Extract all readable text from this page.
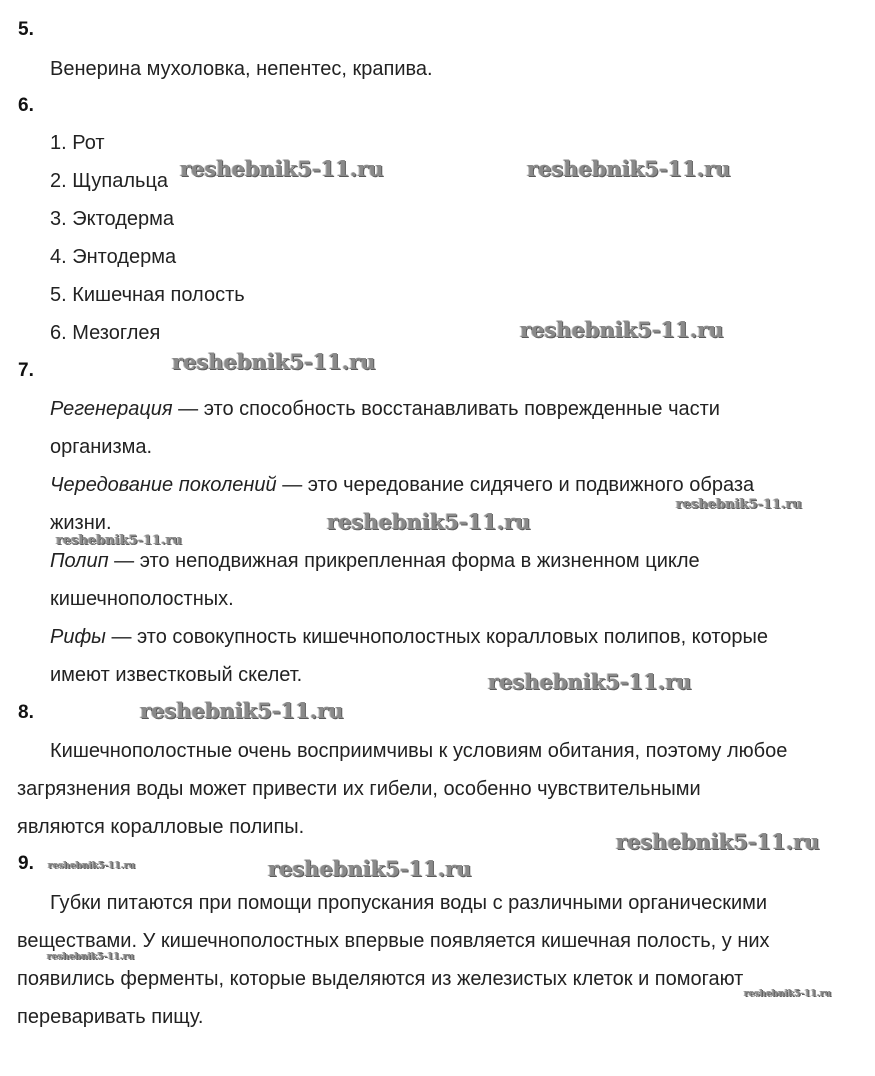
5.
Венерина мухоловка, непентес, крапива.
6.
1. Рот
2. Щупальца
3. Эктодерма
4. Энтодерма
5. Кишечная полость
6. Мезоглея
7.
Регенерация — это способность восстанавливать поврежденные части
организма.
Чередование поколений — это чередование сидячего и подвижного образа
жизни.
Полип — это неподвижная прикрепленная форма в жизненном цикле
кишечнополостных.
Рифы — это совокупность кишечнополостных коралловых полипов, которые
имеют известковый скелет.
8.
Кишечнополостные очень восприимчивы к условиям обитания, поэтому любое
загрязнения воды может привести их гибели, особенно чувствительными
являются коралловые полипы.
9.
Губки питаются при помощи пропускания воды с различными органическими
веществами. У кишечнополостных впервые появляется кишечная полость, у них
появились ферменты, которые выделяются из железистых клеток и помогают
переваривать пищу.
reshebnik5-11.ru	reshebnik5-11.ru
reshebnik5-11.ru
reshebnik5-11.ru
reshebnik5-11.ru
reshebnik5-11.ru
reshebnik5-11.ru
reshebnik5-11.ru
reshebnik5-11.ru
reshebnik5-11.ru
reshebnik5-11.ru	reshebnik5-11.ru
reshebnik5-11.ru
reshebnik5-11.ru
